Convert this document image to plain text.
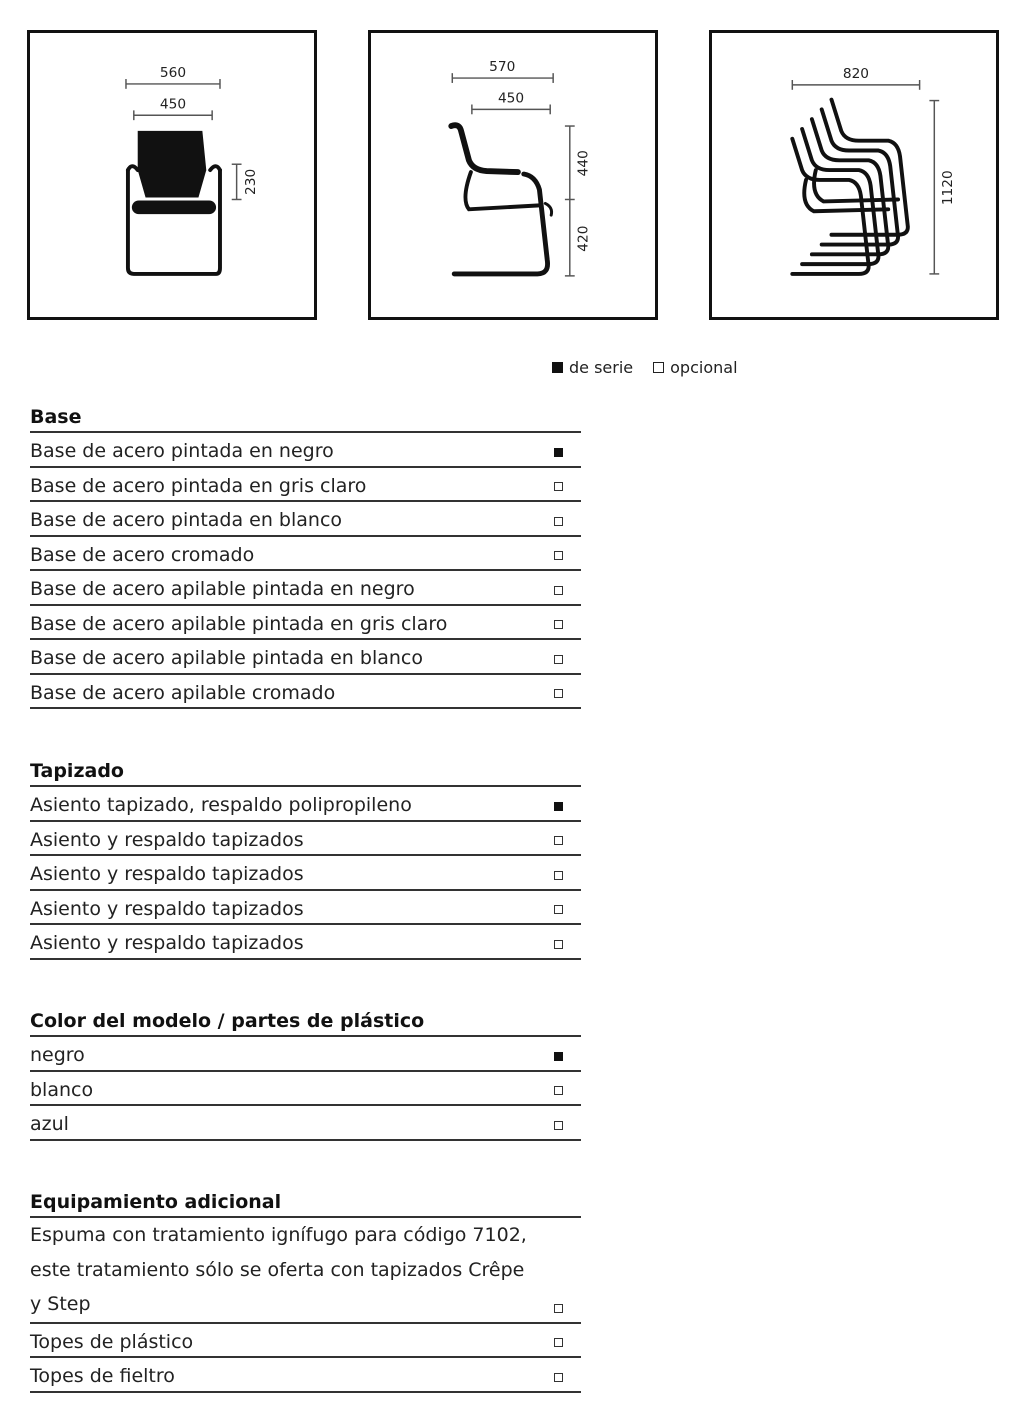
560
450
230
570
450
440
420
820
1120
de serie opcional
Base
Base de acero pintada en negro
Base de acero pintada en gris claro
Base de acero pintada en blanco
Base de acero cromado
Base de acero apilable pintada en negro
Base de acero apilable pintada en gris claro
Base de acero apilable pintada en blanco
Base de acero apilable cromado
Tapizado
Asiento tapizado, respaldo polipropileno
Asiento y respaldo tapizados
Asiento y respaldo tapizados
Asiento y respaldo tapizados
Asiento y respaldo tapizados
Color del modelo / partes de plástico
negro
blanco
azul
Equipamiento adicional
Espuma con tratamiento ignífugo para código 7102, este tratamiento sólo se oferta con tapizados Crêpe y Step
Topes de plástico
Topes de fieltro
